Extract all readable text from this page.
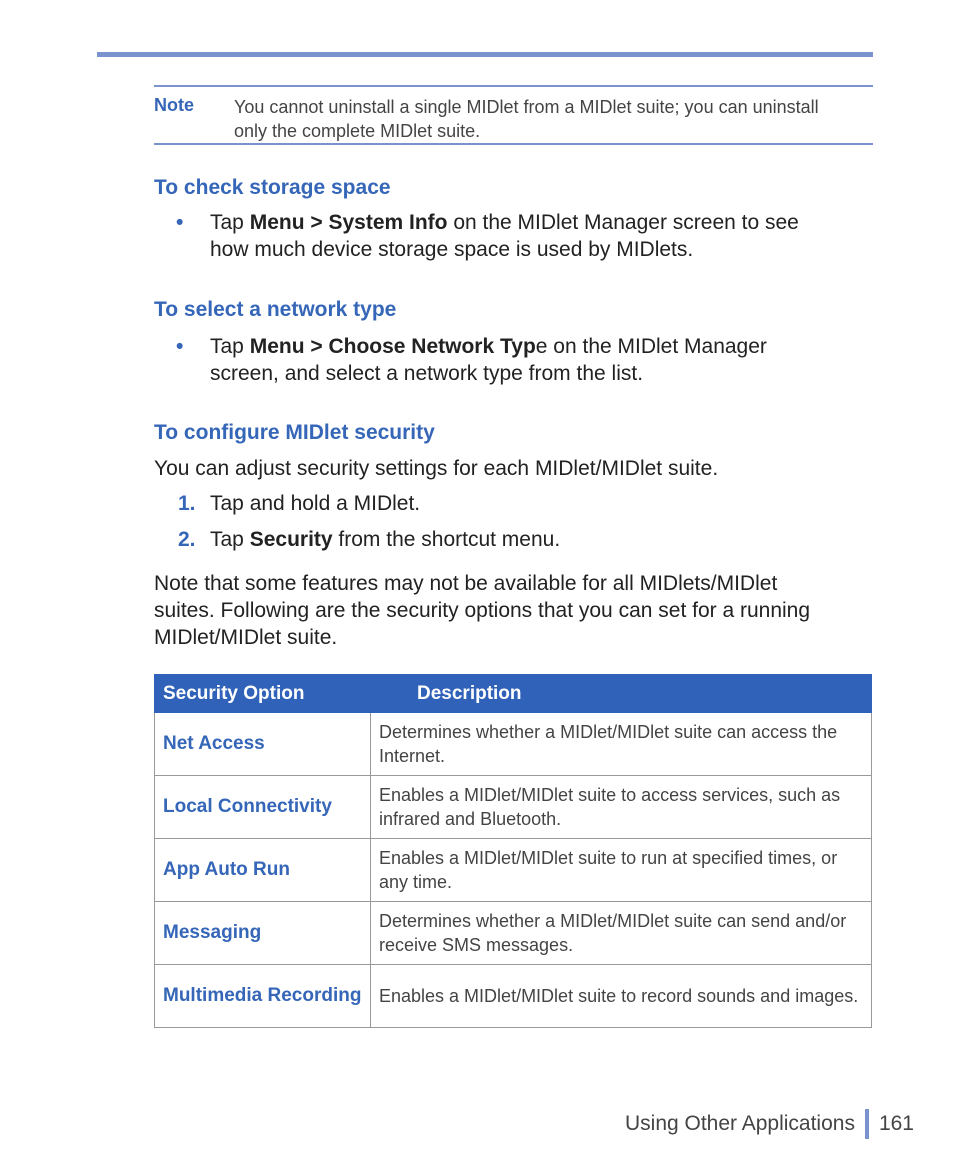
Note You cannot uninstall a single MIDlet from a MIDlet suite; you can uninstall only the complete MIDlet suite.
To check storage space
• Tap Menu > System Info on the MIDlet Manager screen to see
how much device storage space is used by MIDlets.
To select a network type
• Tap Menu > Choose Network Type on the MIDlet Manager
screen, and select a network type from the list.
To configure MIDlet security
You can adjust security settings for each MIDlet/MIDlet suite.
1. Tap and hold a MIDlet.
2. Tap Security from the shortcut menu.
Note that some features may not be available for all MIDlets/MIDlet
suites. Following are the security options that you can set for a running
MIDlet/MIDlet suite.
Security Option	Description
Net Access	Determines whether a MIDlet/MIDlet suite can access the Internet.
Local Connectivity	Enables a MIDlet/MIDlet suite to access services, such as infrared and Bluetooth.
App Auto Run	Enables a MIDlet/MIDlet suite to run at specified times, or any time.
Messaging	Determines whether a MIDlet/MIDlet suite can send and/or receive SMS messages.
Multimedia Recording	Enables a MIDlet/MIDlet suite to record sounds and images.
Using Other Applications 161
